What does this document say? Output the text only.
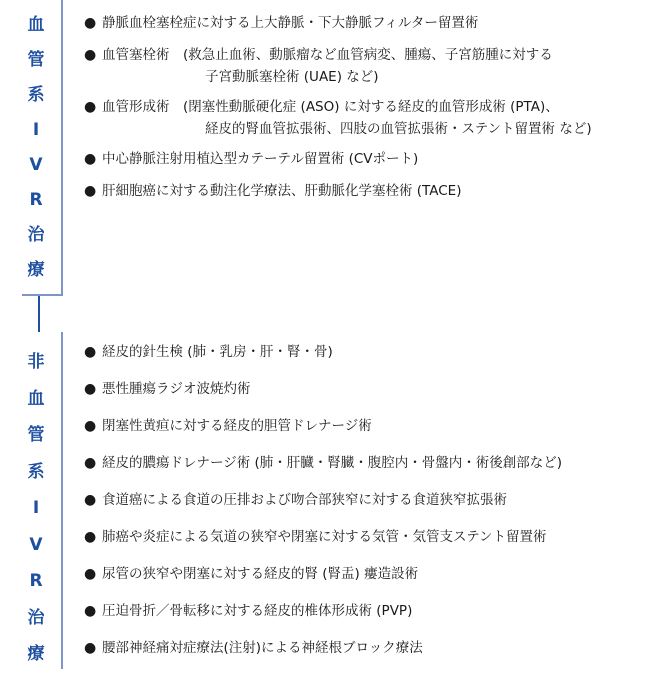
血
管
系
I
V
R
治
療
● 静脈血栓塞栓症に対する上大静脈・下大静脈フィルター留置術
● 血管塞栓術　(救急止血術、動脈瘤など血管病変、腫瘍、子宮筋腫に対する
子宮動脈塞栓術 (UAE) など)
● 血管形成術　(閉塞性動脈硬化症 (ASO) に対する経皮的血管形成術 (PTA)、
経皮的腎血管拡張術、四肢の血管拡張術・ステント留置術 など)
● 中心静脈注射用植込型カテーテル留置術 (CVポート)
● 肝細胞癌に対する動注化学療法、肝動脈化学塞栓術 (TACE)
非
血
管
系
I
V
R
治
療
● 経皮的針生検 (肺・乳房・肝・腎・骨)
● 悪性腫瘍ラジオ波焼灼術
● 閉塞性黄疸に対する経皮的胆管ドレナージ術
● 経皮的膿瘍ドレナージ術 (肺・肝臓・腎臓・腹腔内・骨盤内・術後創部など)
● 食道癌による食道の圧排および吻合部狭窄に対する食道狭窄拡張術
● 肺癌や炎症による気道の狭窄や閉塞に対する気管・気管支ステント留置術
● 尿管の狭窄や閉塞に対する経皮的腎 (腎盂) 瘻造設術
● 圧迫骨折／骨転移に対する経皮的椎体形成術 (PVP)
● 腰部神経痛対症療法(注射)による神経根ブロック療法
